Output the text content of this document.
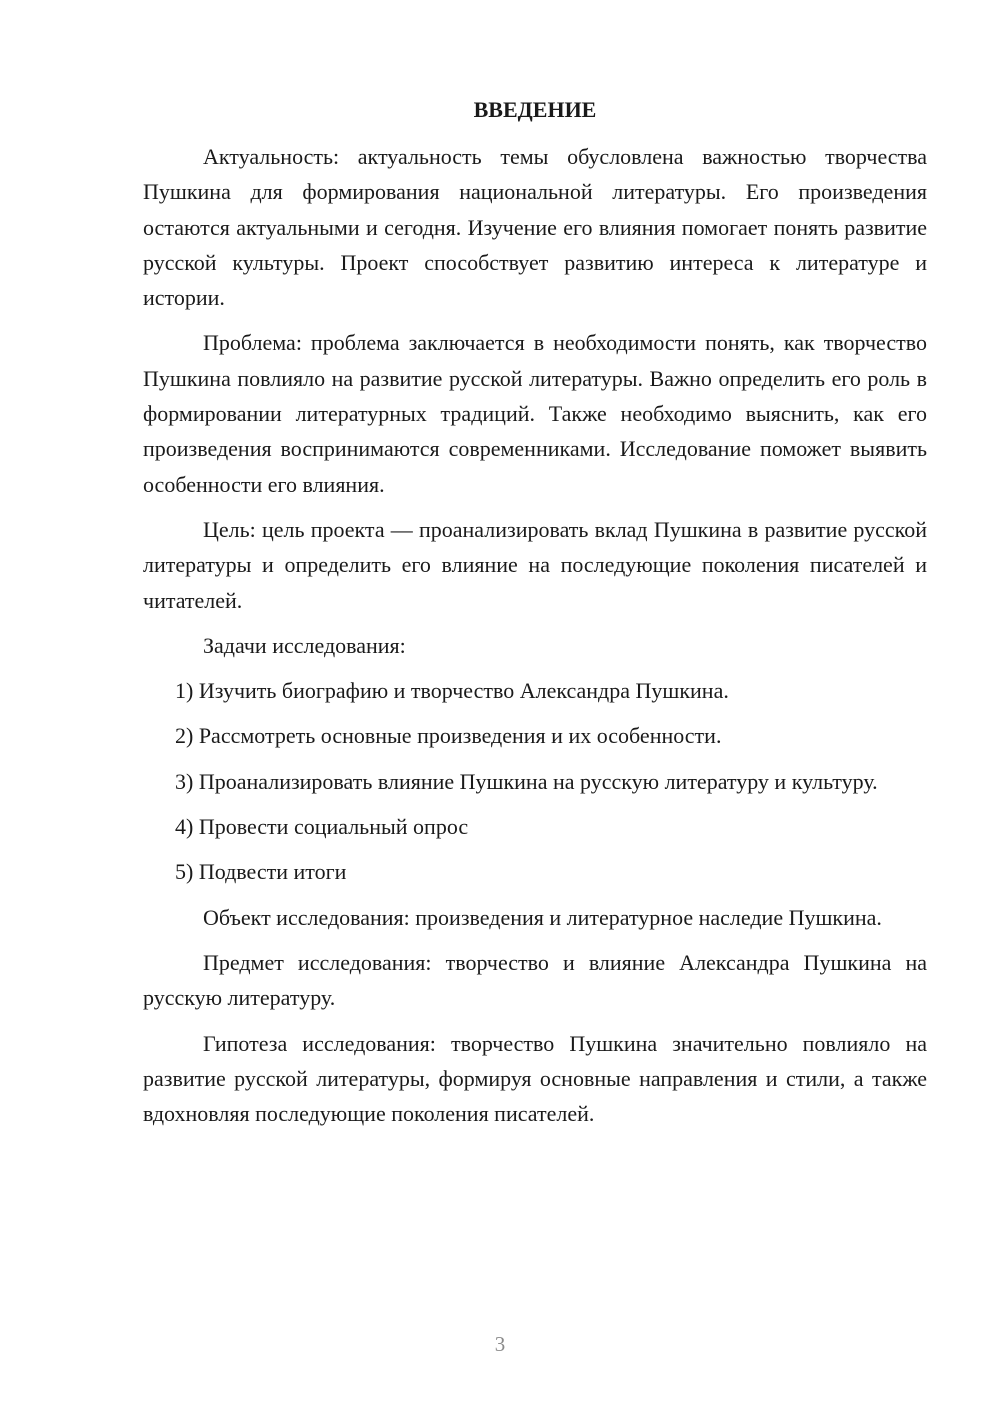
ВВЕДЕНИЕ

Актуальность: актуальность темы обусловлена важностью творчества Пушкина для формирования национальной литературы. Его произведения остаются актуальными и сегодня. Изучение его влияния помогает понять развитие русской культуры. Проект способствует развитию интереса к литературе и истории.

Проблема: проблема заключается в необходимости понять, как творчество Пушкина повлияло на развитие русской литературы. Важно определить его роль в формировании литературных традиций. Также необходимо выяснить, как его произведения воспринимаются современниками. Исследование поможет выявить особенности его влияния.

Цель: цель проекта — проанализировать вклад Пушкина в развитие русской литературы и определить его влияние на последующие поколения писателей и читателей.

Задачи исследования:

1) Изучить биографию и творчество Александра Пушкина.

2) Рассмотреть основные произведения и их особенности.

3) Проанализировать влияние Пушкина на русскую литературу и культуру.

4) Провести социальный опрос

5) Подвести итоги

Объект исследования: произведения и литературное наследие Пушкина.

Предмет исследования: творчество и влияние Александра Пушкина на русскую литературу.

Гипотеза исследования: творчество Пушкина значительно повлияло на развитие русской литературы, формируя основные направления и стили, а также вдохновляя последующие поколения писателей.

3
